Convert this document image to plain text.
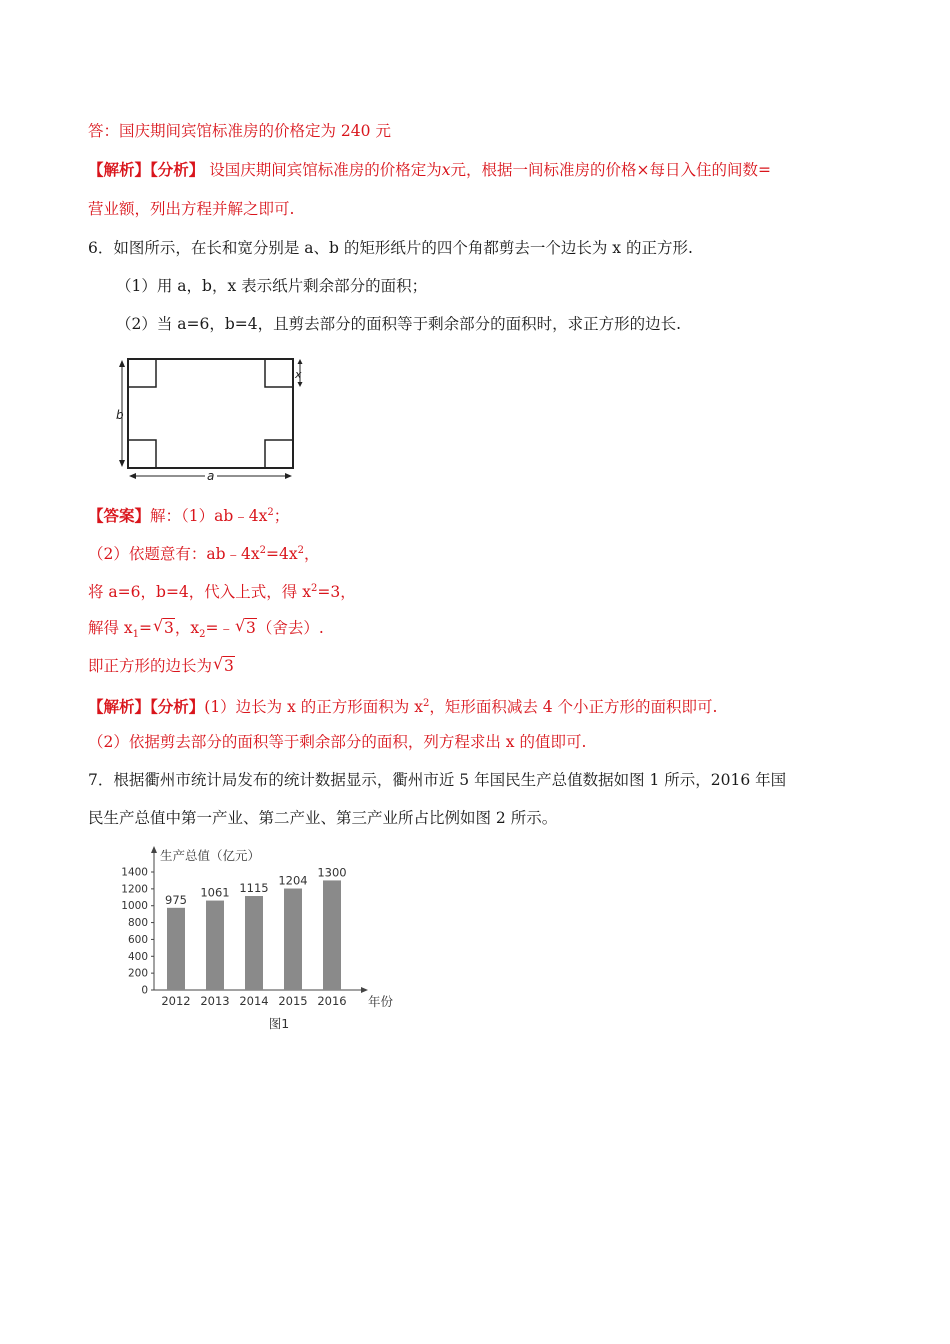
答：国庆期间宾馆标准房的价格定为 240 元
【解析】【分析】 设国庆期间宾馆标准房的价格定为x元，根据一间标准房的价格×每日入住的间数=
营业额，列出方程并解之即可.
6．如图所示，在长和宽分别是 a、b 的矩形纸片的四个角都剪去一个边长为 x 的正方形.
（1）用 a，b，x 表示纸片剩余部分的面积；
（2）当 a=6，b=4，且剪去部分的面积等于剩余部分的面积时，求正方形的边长.
b
x
a
【答案】解：$(1)ab﹣4x^2$；
（2）依题意有：$ab﹣4x^2=4x^2$，
将 a=6，b=4，代入上式，得 $x^2=3$，
解得 $x_1=$ √ 3，$x_2=﹣$ √ 3（舍去）.
即正方形的边长为 √ 3
【解析】【分析】(1）边长为 x 的正方形面积为 $x^2$，矩形面积减去 4 个小正方形的面积即可.
（2）依据剪去部分的面积等于剩余部分的面积，列方程求出 x 的值即可.
7．根据衢州市统计局发布的统计数据显示，衢州市近 5 年国民生产总值数据如图 1 所示，2016 年国
民生产总值中第一产业、第二产业、第三产业所占比例如图 2 所示。
0
200
400
600
800
1000
1200
1400
生产总值（亿元）
975
2012
1061
2013
1115
2014
1204
2015
1300
2016 年份
图1
